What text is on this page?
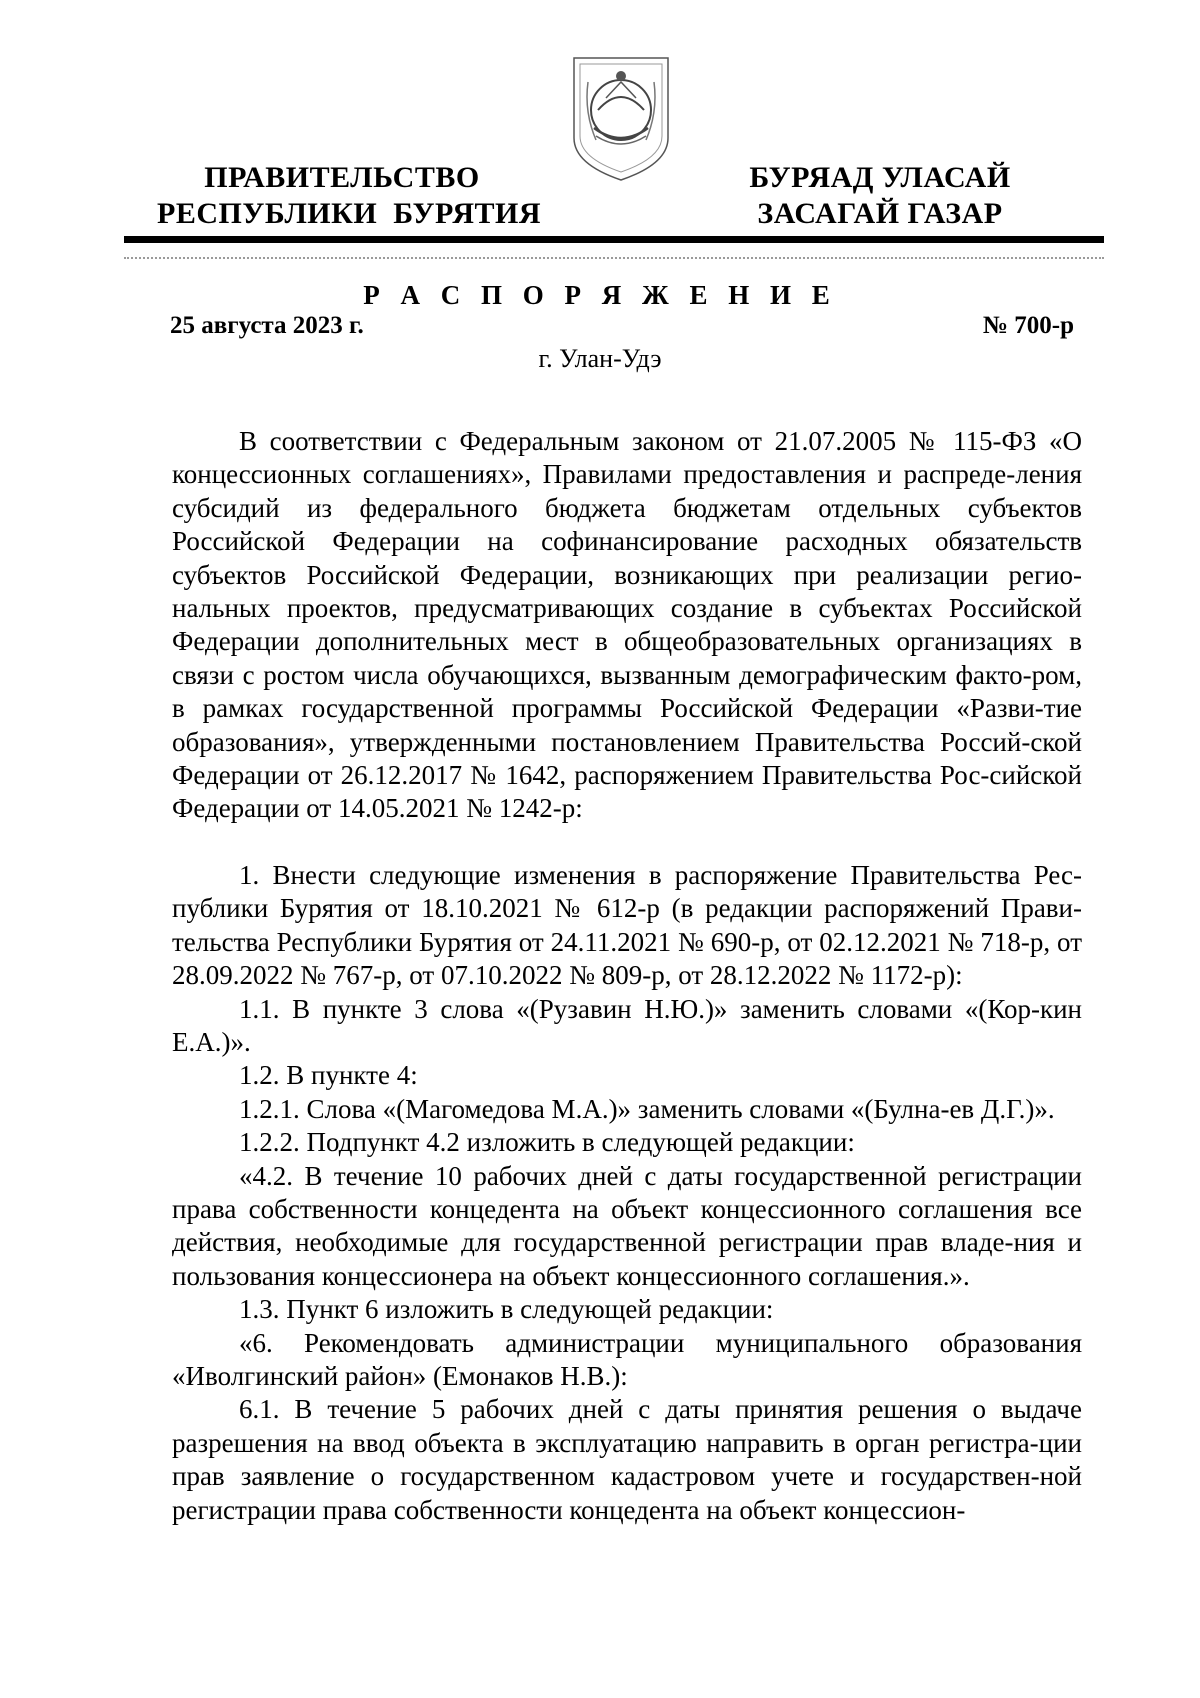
ПРАВИТЕЛЬСТВО
РЕСПУБЛИКИ  БУРЯТИЯ
БУРЯАД УЛАСАЙ
ЗАСАГАЙ ГАЗАР
Р А С П О Р Я Ж Е Н И Е
25 августа 2023 г.	№ 700-р
г. Улан-Удэ

В соответствии с Федеральным законом от 21.07.2005 № 115-ФЗ «О концессионных соглашениях», Правилами предоставления и распреде-ления субсидий из федерального бюджета бюджетам отдельных субъектов Российской Федерации на софинансирование расходных обязательств субъектов Российской Федерации, возникающих при реализации регио-нальных проектов, предусматривающих создание в субъектах Российской Федерации дополнительных мест в общеобразовательных организациях в связи с ростом числа обучающихся, вызванным демографическим факто-ром, в рамках государственной программы Российской Федерации «Разви-тие образования», утвержденными постановлением Правительства Россий-ской Федерации от 26.12.2017 № 1642, распоряжением Правительства Рос-сийской Федерации от 14.05.2021 № 1242-р:

1. Внести следующие изменения в распоряжение Правительства Рес-публики Бурятия от 18.10.2021 № 612-р (в редакции распоряжений Прави-тельства Республики Бурятия от 24.11.2021 № 690-р, от 02.12.2021 № 718-р, от 28.09.2022 № 767-р, от 07.10.2022 № 809-р, от 28.12.2022 № 1172-р):

1.1. В пункте 3 слова «(Рузавин Н.Ю.)» заменить словами «(Кор-кин Е.А.)».

1.2. В пункте 4:

1.2.1. Слова «(Магомедова М.А.)» заменить словами «(Булна-ев Д.Г.)».

1.2.2. Подпункт 4.2 изложить в следующей редакции:

«4.2. В течение 10 рабочих дней с даты государственной регистрации права собственности концедента на объект концессионного соглашения все действия, необходимые для государственной регистрации прав владе-ния и пользования концессионера на объект концессионного соглашения.».

1.3. Пункт 6 изложить в следующей редакции:

«6. Рекомендовать администрации муниципального образования «Иволгинский район» (Емонаков Н.В.):

6.1. В течение 5 рабочих дней с даты принятия решения о выдаче разрешения на ввод объекта в эксплуатацию направить в орган регистра-ции прав заявление о государственном кадастровом учете и государствен-ной регистрации права собственности концедента на объект концессион-
